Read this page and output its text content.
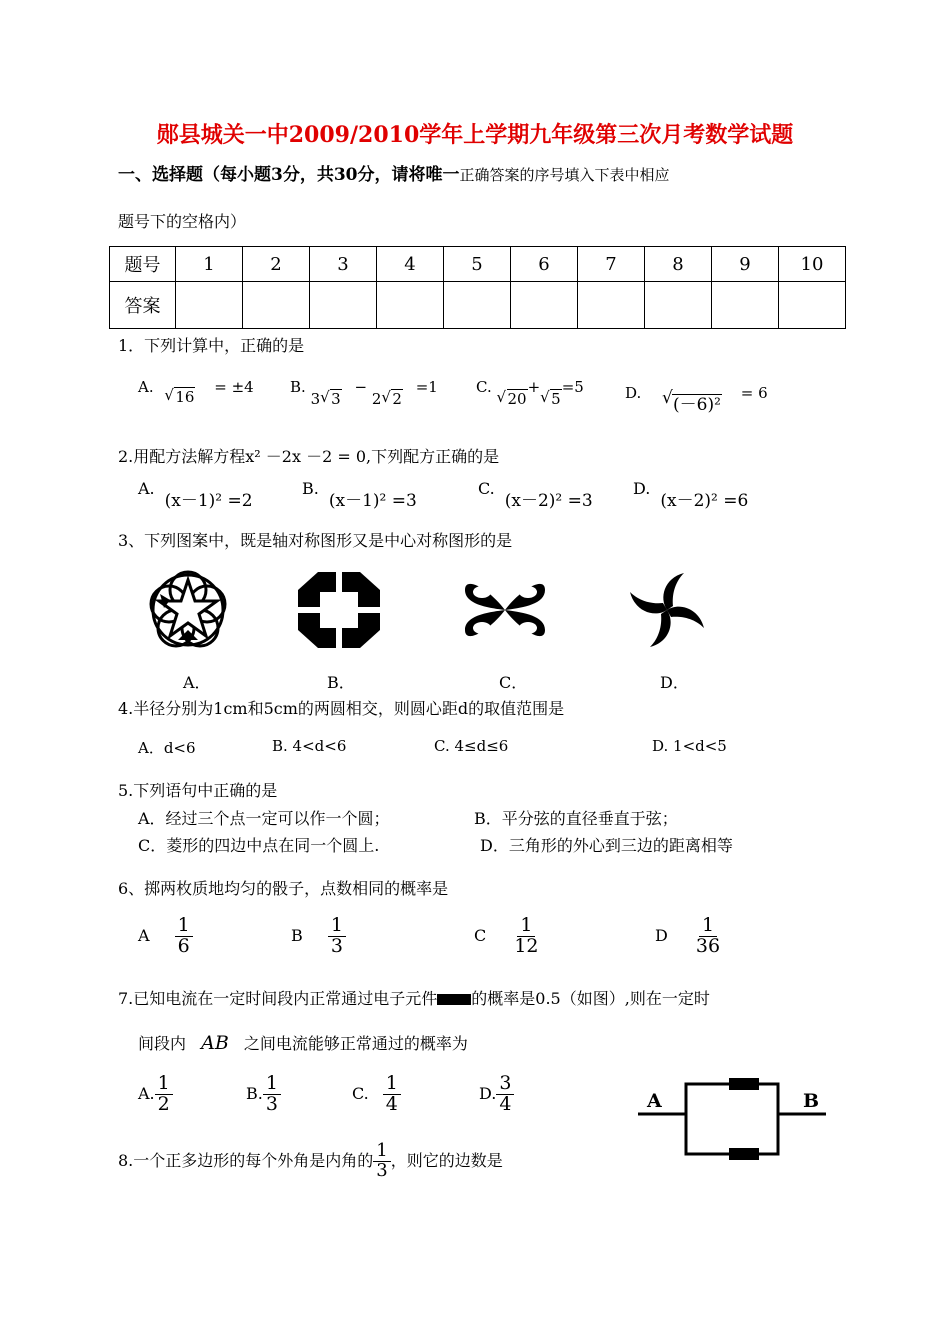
郧县城关一中2009/2010学年上学期九年级第三次月考数学试题
一、选择题（每小题3分，共30分，请将唯一正确答案的序号填入下表中相应
题号下的空格内）
题号	1	2	3	4	5	6	7	8	9	10
答案										
1．下列计算中，正确的是
A. √ 16 = ±4 B. 3 √ 3 − 2 √ 2 =1	C. √ 20+√ 5=5	D. √ (－6)² = 6
2.用配方法解方程x² －2x －2 = 0,下列配方正确的是
A.(x－1)² =2
B.(x－1)² =3
C.(x－2)² =3
D.(x－2)² =6
3、下列图案中，既是轴对称图形又是中心对称图形的是
A．	B．	C．	D．
4.半径分别为1cm和5cm的两圆相交，则圆心距d的取值范围是
A．d<6	B. 4<d<6	C. 4≤d≤6	D. 1<d<5
5.下列语句中正确的是
A．经过三个点一定可以作一个圆；	B．平分弦的直径垂直于弦；
C．菱形的四边中点在同一个圆上.	D．三角形的外心到三边的距离相等
6、掷两枚质地均匀的骰子，点数相同的概率是
A $\frac{1}{6}$	B $\frac{1}{3}$	C $\frac{1}{12}$	D $\frac{1}{36}$
7.已知电流在一定时间段内正常通过电子元件 的概率是0.5（如图）,则在一定时
间段内 AB 之间电流能够正常通过的概率为
A. $\frac{1}{2}$	B. $\frac{1}{3}$	C. $\frac{1}{4}$	D. $\frac{3}{4}$	A	B
8.一个正多边形的每个外角是内角的 $\frac{1}{3}$ ，则它的边数是
